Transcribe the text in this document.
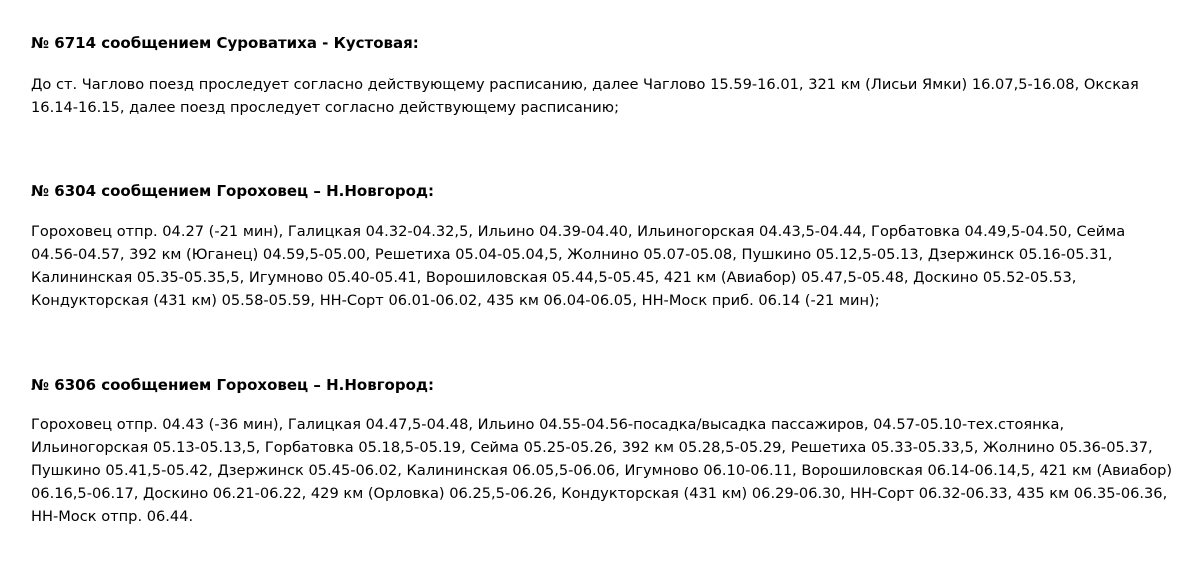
№ 6714 сообщением Суроватиха - Кустовая:

До ст. Чаглово поезд проследует согласно действующему расписанию, далее Чаглово 15.59-16.01, 321 км (Лисьи Ямки) 16.07,5-16.08, Окская 16.14-16.15, далее поезд проследует согласно действующему расписанию;

№ 6304 сообщением Гороховец – Н.Новгород:

Гороховец отпр. 04.27 (-21 мин), Галицкая 04.32-04.32,5, Ильино 04.39-04.40, Ильиногорская 04.43,5-04.44, Горбатовка 04.49,5-04.50, Сейма 04.56-04.57, 392 км (Юганец) 04.59,5-05.00, Решетиха 05.04-05.04,5, Жолнино 05.07-05.08, Пушкино 05.12,5-05.13, Дзержинск 05.16-05.31, Калининская 05.35-05.35,5, Игумново 05.40-05.41, Ворошиловская 05.44,5-05.45, 421 км (Авиабор) 05.47,5-05.48, Доскино 05.52-05.53, Кондукторская (431 км) 05.58-05.59, НН-Сорт 06.01-06.02, 435 км 06.04-06.05, НН-Моск приб. 06.14 (-21 мин);

№ 6306 сообщением Гороховец – Н.Новгород:

Гороховец отпр. 04.43 (-36 мин), Галицкая 04.47,5-04.48, Ильино 04.55-04.56-посадка/высадка пассажиров, 04.57-05.10-тех.стоянка, Ильиногорская 05.13-05.13,5, Горбатовка 05.18,5-05.19, Сейма 05.25-05.26, 392 км 05.28,5-05.29, Решетиха 05.33-05.33,5, Жолнино 05.36-05.37, Пушкино 05.41,5-05.42, Дзержинск 05.45-06.02, Калининская 06.05,5-06.06, Игумново 06.10-06.11, Ворошиловская 06.14-06.14,5, 421 км (Авиабор) 06.16,5-06.17, Доскино 06.21-06.22, 429 км (Орловка) 06.25,5-06.26, Кондукторская (431 км) 06.29-06.30, НН-Сорт 06.32-06.33, 435 км 06.35-06.36, НН-Моск отпр. 06.44.
